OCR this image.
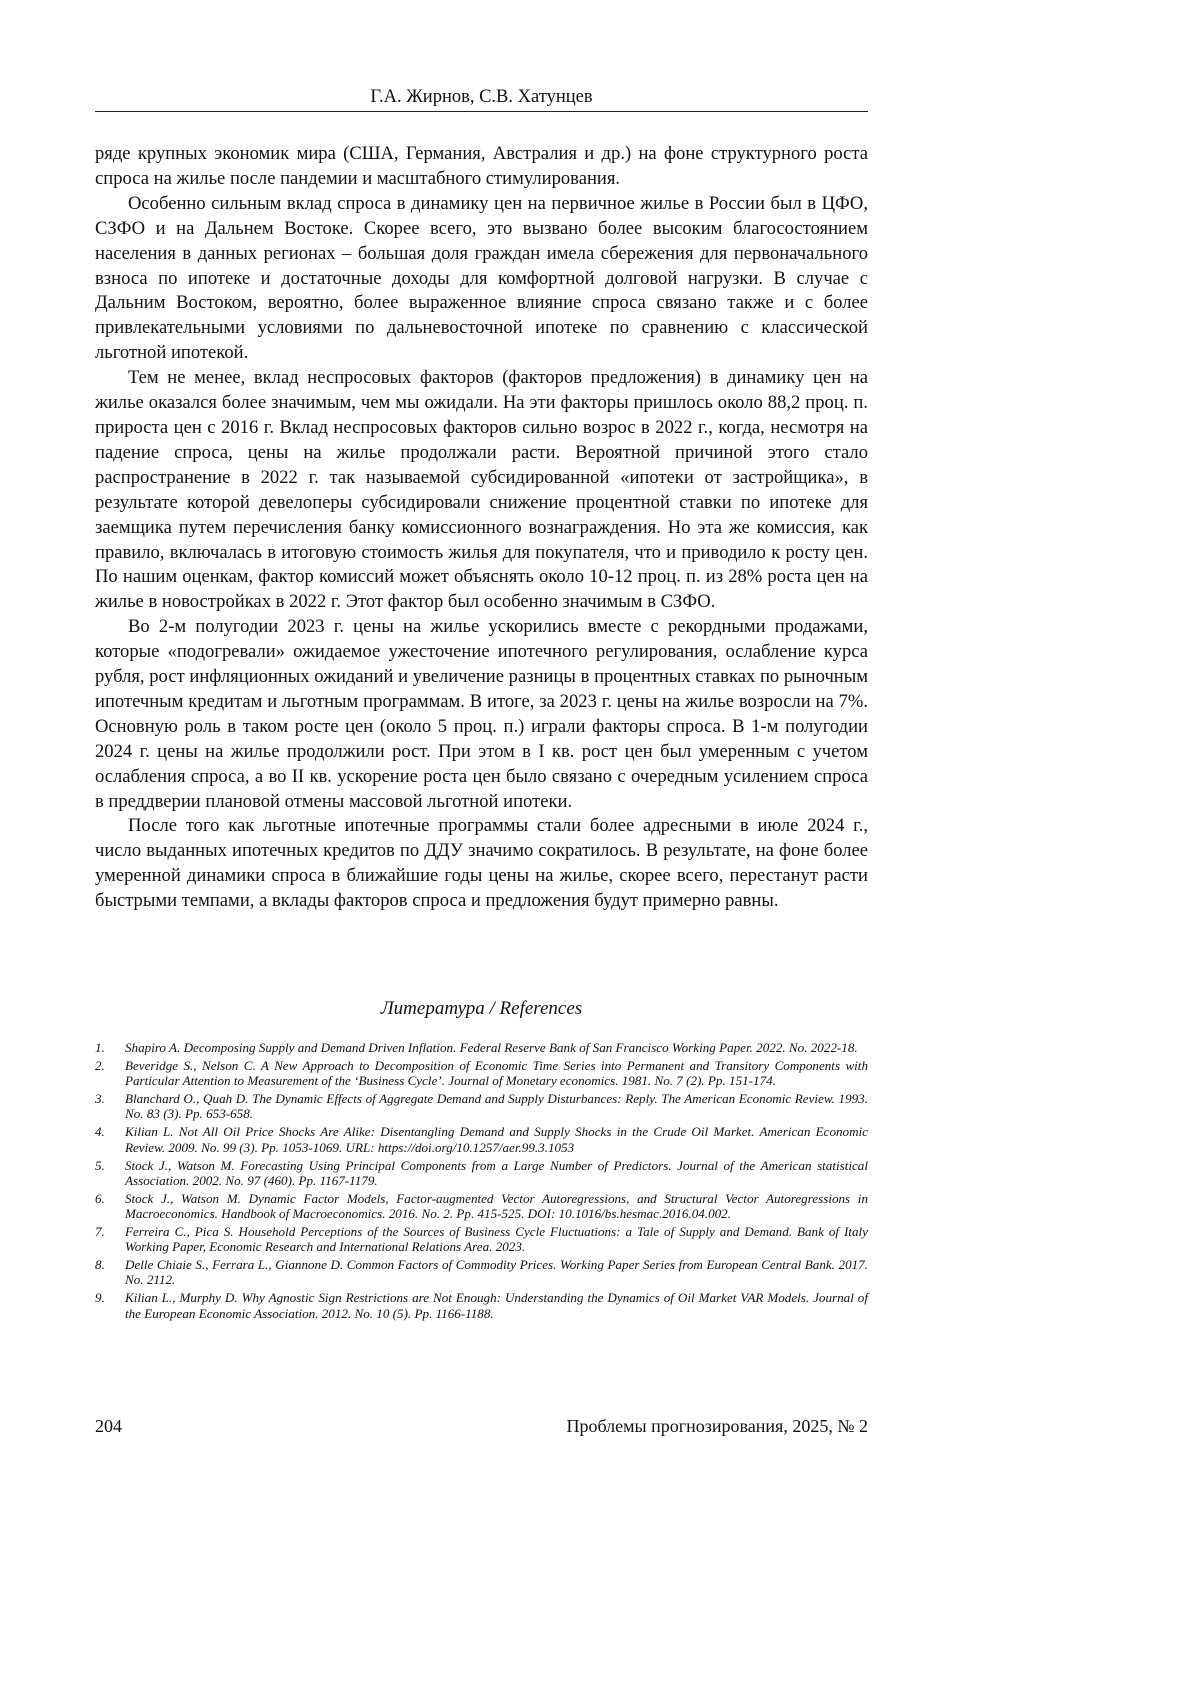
Г.А. Жирнов, С.В. Хатунцев

ряде крупных экономик мира (США, Германия, Австралия и др.) на фоне структурного роста спроса на жилье после пандемии и масштабного стимулирования.

Особенно сильным вклад спроса в динамику цен на первичное жилье в России был в ЦФО, СЗФО и на Дальнем Востоке. Скорее всего, это вызвано более высоким благосостоянием населения в данных регионах – большая доля граждан имела сбережения для первоначального взноса по ипотеке и достаточные доходы для комфортной долговой нагрузки. В случае с Дальним Востоком, вероятно, более выраженное влияние спроса связано также и с более привлекательными условиями по дальневосточной ипотеке по сравнению с классической льготной ипотекой.

Тем не менее, вклад неспросовых факторов (факторов предложения) в динамику цен на жилье оказался более значимым, чем мы ожидали. На эти факторы пришлось около 88,2 проц. п. прироста цен с 2016 г. Вклад неспросовых факторов сильно возрос в 2022 г., когда, несмотря на падение спроса, цены на жилье продолжали расти. Вероятной причиной этого стало распространение в 2022 г. так называемой субсидированной «ипотеки от застройщика», в результате которой девелоперы субсидировали снижение процентной ставки по ипотеке для заемщика путем перечисления банку комиссионного вознаграждения. Но эта же комиссия, как правило, включалась в итоговую стоимость жилья для покупателя, что и приводило к росту цен. По нашим оценкам, фактор комиссий может объяснять около 10-12 проц. п. из 28% роста цен на жилье в новостройках в 2022 г. Этот фактор был особенно значимым в СЗФО.

Во 2-м полугодии 2023 г. цены на жилье ускорились вместе с рекордными продажами, которые «подогревали» ожидаемое ужесточение ипотечного регулирования, ослабление курса рубля, рост инфляционных ожиданий и увеличение разницы в процентных ставках по рыночным ипотечным кредитам и льготным программам. В итоге, за 2023 г. цены на жилье возросли на 7%. Основную роль в таком росте цен (около 5 проц. п.) играли факторы спроса. В 1-м полугодии 2024 г. цены на жилье продолжили рост. При этом в I кв. рост цен был умеренным с учетом ослабления спроса, а во II кв. ускорение роста цен было связано с очередным усилением спроса в преддверии плановой отмены массовой льготной ипотеки.

После того как льготные ипотечные программы стали более адресными в июле 2024 г., число выданных ипотечных кредитов по ДДУ значимо сократилось. В результате, на фоне более умеренной динамики спроса в ближайшие годы цены на жилье, скорее всего, перестанут расти быстрыми темпами, а вклады факторов спроса и предложения будут примерно равны.

Литература / References
1. Shapiro A. Decomposing Supply and Demand Driven Inflation. Federal Reserve Bank of San Francisco Working Paper. 2022. No. 2022-18.
2. Beveridge S., Nelson C. A New Approach to Decomposition of Economic Time Series into Permanent and Transitory Components with Particular Attention to Measurement of the ‘Business Cycle’. Journal of Monetary economics. 1981. No. 7 (2). Pp. 151-174.
3. Blanchard O., Quah D. The Dynamic Effects of Aggregate Demand and Supply Disturbances: Reply. The American Economic Review. 1993. No. 83 (3). Pp. 653-658.
4. Kilian L. Not All Oil Price Shocks Are Alike: Disentangling Demand and Supply Shocks in the Crude Oil Market. American Economic Review. 2009. No. 99 (3). Pp. 1053-1069. URL: https://doi.org/10.1257/aer.99.3.1053
5. Stock J., Watson M. Forecasting Using Principal Components from a Large Number of Predictors. Journal of the American statistical Association. 2002. No. 97 (460). Pp. 1167-1179.
6. Stock J., Watson M. Dynamic Factor Models, Factor-augmented Vector Autoregressions, and Structural Vector Autoregressions in Macroeconomics. Handbook of Macroeconomics. 2016. No. 2. Pp. 415-525. DOI: 10.1016/bs.hesmac.2016.04.002.
7. Ferreira C., Pica S. Household Perceptions of the Sources of Business Cycle Fluctuations: a Tale of Supply and Demand. Bank of Italy Working Paper, Economic Research and International Relations Area. 2023.
8. Delle Chiaie S., Ferrara L., Giannone D. Common Factors of Commodity Prices. Working Paper Series from European Central Bank. 2017. No. 2112.
9. Kilian L., Murphy D. Why Agnostic Sign Restrictions are Not Enough: Understanding the Dynamics of Oil Market VAR Models. Journal of the European Economic Association. 2012. No. 10 (5). Pp. 1166-1188.
204	Проблемы прогнозирования, 2025, № 2
